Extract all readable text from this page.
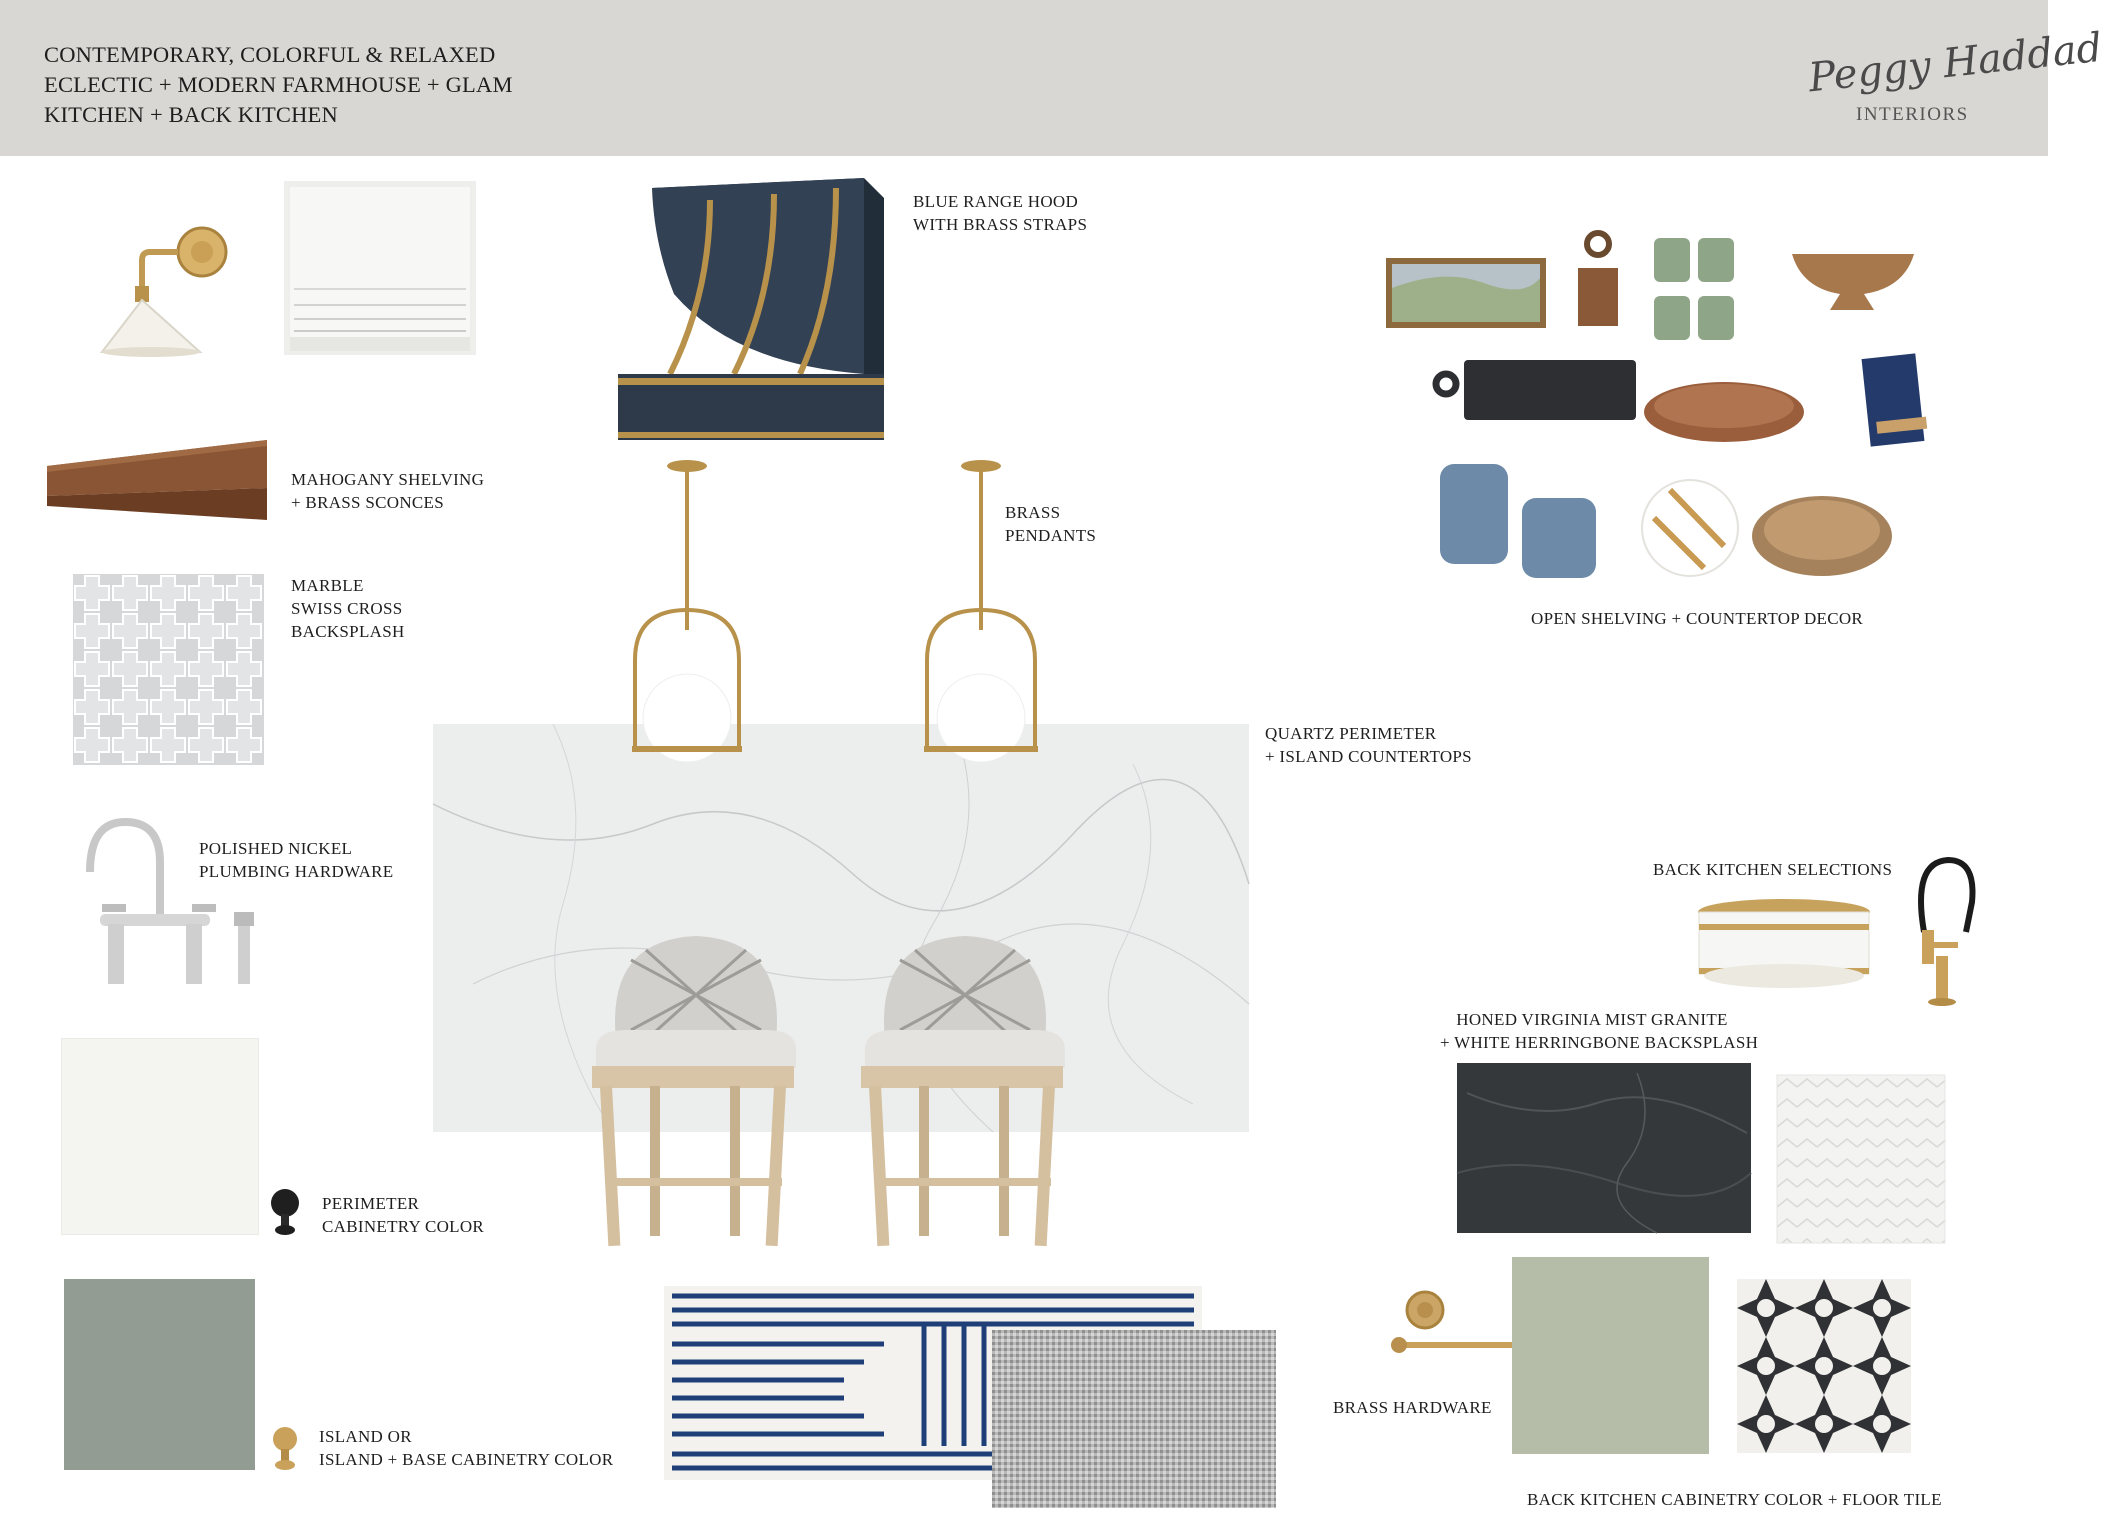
CONTEMPORARY, COLORFUL & RELAXED
ECLECTIC + MODERN FARMHOUSE + GLAM
KITCHEN + BACK KITCHEN
Peggy Haddad
INTERIORS
MAHOGANY SHELVING
+ BRASS SCONCES
MARBLE
SWISS CROSS
BACKSPLASH
POLISHED NICKEL
PLUMBING HARDWARE
PERIMETER
CABINETRY COLOR
ISLAND OR
ISLAND + BASE CABINETRY COLOR
BLUE RANGE HOOD
WITH BRASS STRAPS
QUARTZ PERIMETER
+ ISLAND COUNTERTOPS
BRASS
PENDANTS
OPEN SHELVING + COUNTERTOP DECOR
BACK KITCHEN SELECTIONS
HONED VIRGINIA MIST GRANITE
+ WHITE HERRINGBONE BACKSPLASH
BRASS HARDWARE
BACK KITCHEN CABINETRY COLOR + FLOOR TILE
